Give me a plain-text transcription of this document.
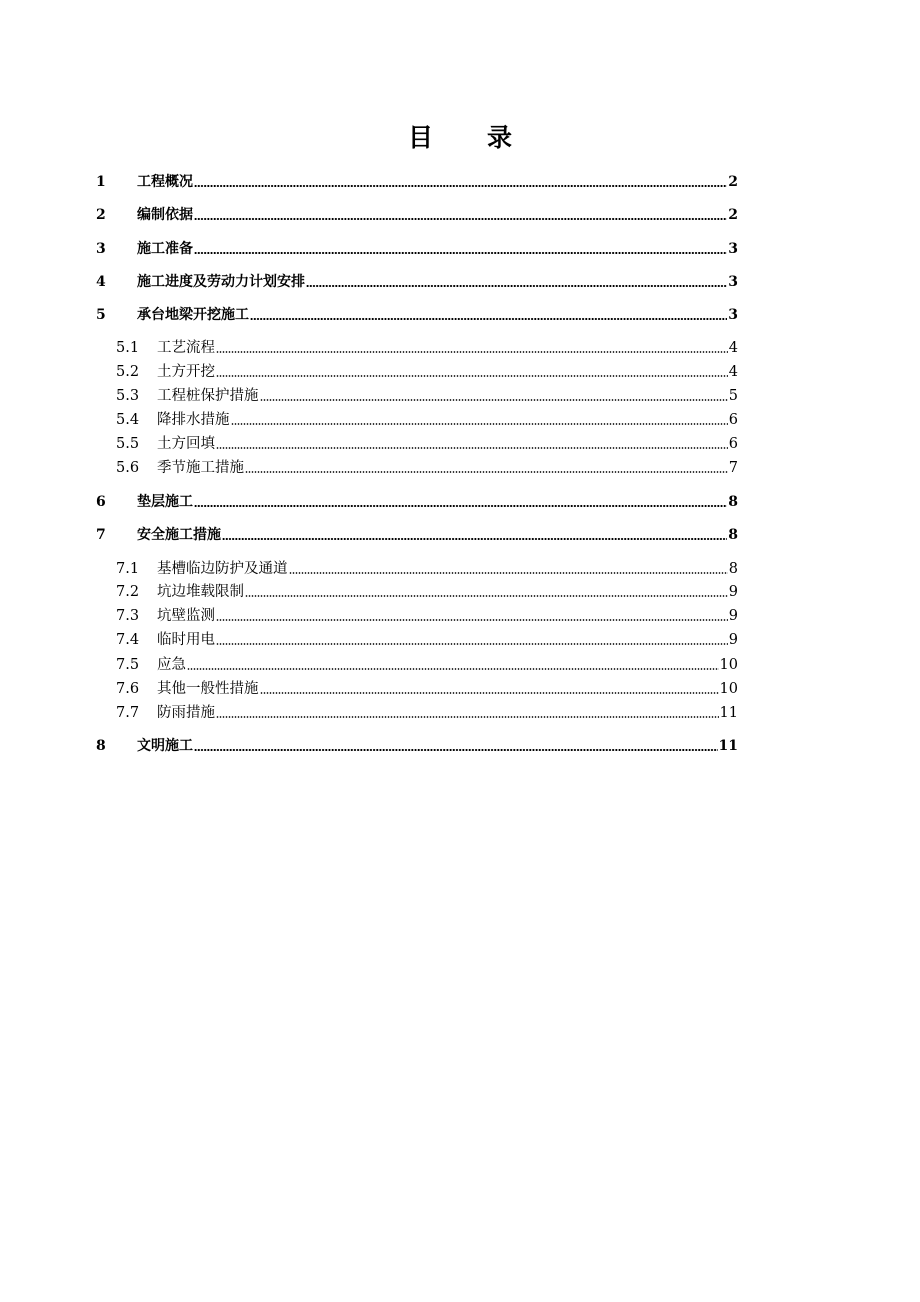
目 录
1	工程概况	2
2	编制依据	2
3	施工准备	3
4	施工进度及劳动力计划安排	3
5	承台地梁开挖施工	3
5.1	工艺流程	4
5.2	土方开挖	4
5.3	工程桩保护措施	5
5.4	降排水措施	6
5.5	土方回填	6
5.6	季节施工措施	7
6	垫层施工	8
7	安全施工措施	8
7.1	基槽临边防护及通道	8
7.2	坑边堆载限制	9
7.3	坑壁监测	9
7.4	临时用电	9
7.5	应急	10
7.6	其他一般性措施	10
7.7	防雨措施	11
8	文明施工	11
